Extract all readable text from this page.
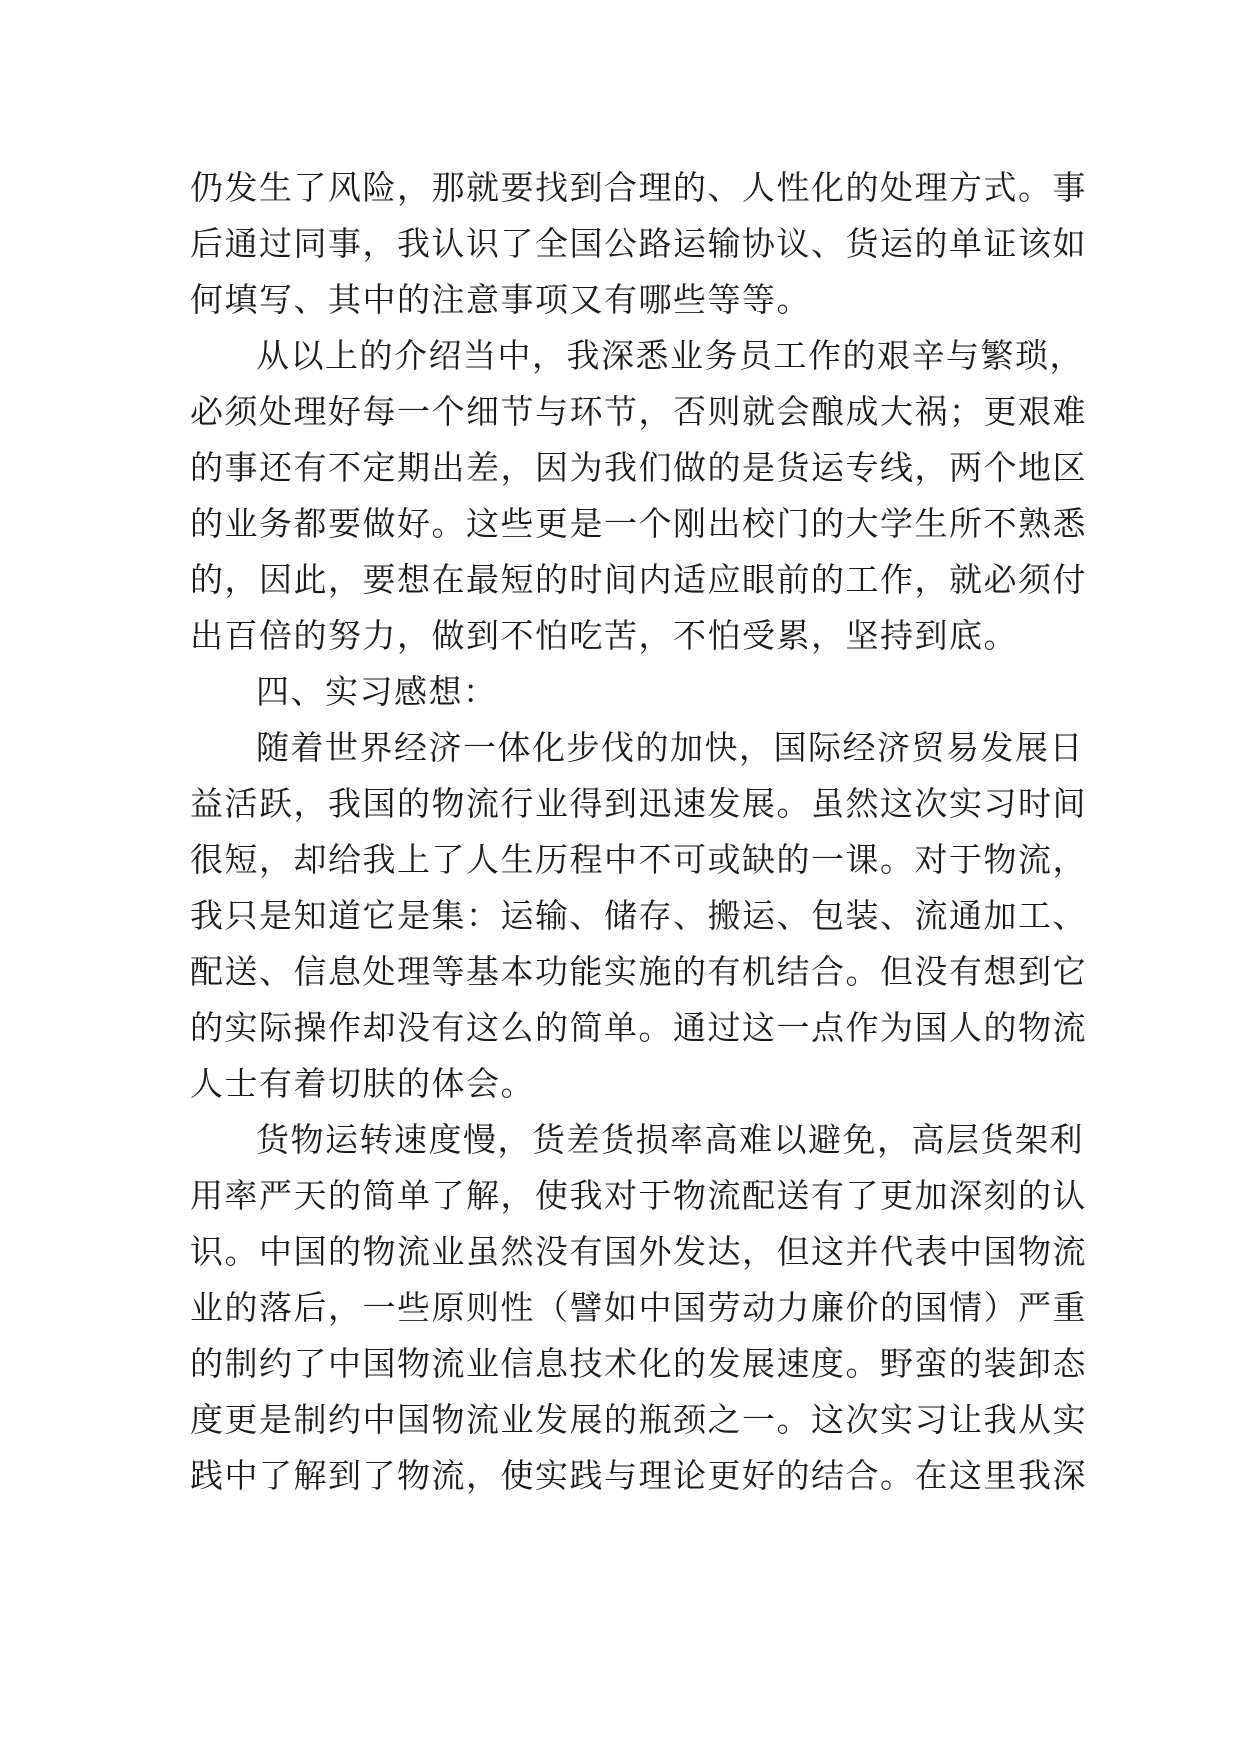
仍发生了风险，那就要找到合理的、人性化的处理方式。事
后通过同事，我认识了全国公路运输协议、货运的单证该如
何填写、其中的注意事项又有哪些等等。
从以上的介绍当中，我深悉业务员工作的艰辛与繁琐，
必须处理好每一个细节与环节，否则就会酿成大祸；更艰难
的事还有不定期出差，因为我们做的是货运专线，两个地区
的业务都要做好。这些更是一个刚出校门的大学生所不熟悉
的，因此，要想在最短的时间内适应眼前的工作，就必须付
出百倍的努力，做到不怕吃苦，不怕受累，坚持到底。
四、实习感想：
随着世界经济一体化步伐的加快，国际经济贸易发展日
益活跃，我国的物流行业得到迅速发展。虽然这次实习时间
很短，却给我上了人生历程中不可或缺的一课。对于物流，
我只是知道它是集：运输、储存、搬运、包装、流通加工、
配送、信息处理等基本功能实施的有机结合。但没有想到它
的实际操作却没有这么的简单。通过这一点作为国人的物流
人士有着切肤的体会。
货物运转速度慢，货差货损率高难以避免，高层货架利
用率严天的简单了解，使我对于物流配送有了更加深刻的认
识。中国的物流业虽然没有国外发达，但这并代表中国物流
业的落后，一些原则性（譬如中国劳动力廉价的国情）严重
的制约了中国物流业信息技术化的发展速度。野蛮的装卸态
度更是制约中国物流业发展的瓶颈之一。这次实习让我从实
践中了解到了物流，使实践与理论更好的结合。在这里我深
